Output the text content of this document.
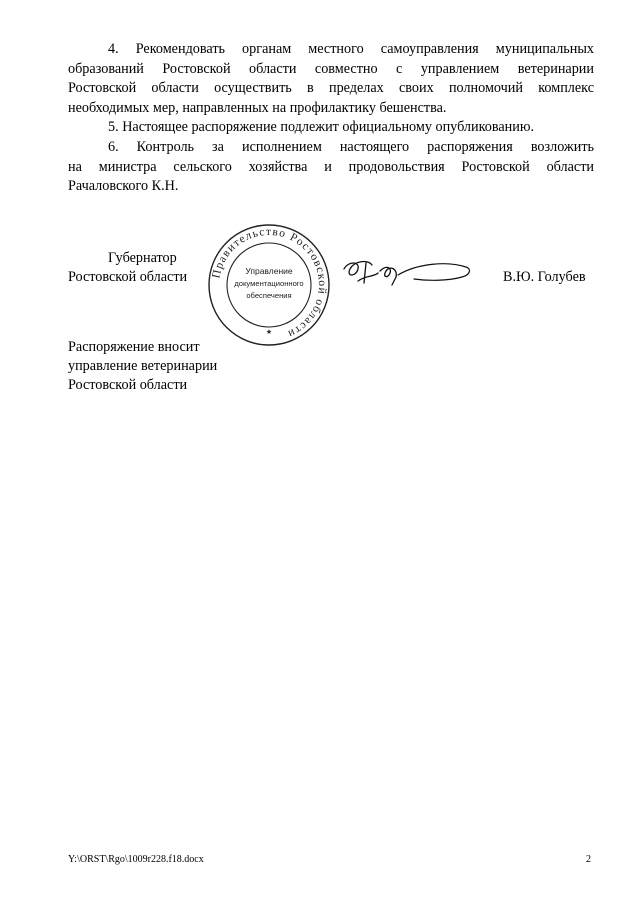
4. Рекомендовать органам местного самоуправления муниципальных
образований Ростовской области совместно с управлением ветеринарии
Ростовской области осуществить в пределах своих полномочий комплекс
необходимых мер, направленных на профилактику бешенства.
5. Настоящее распоряжение подлежит официальному опубликованию.
6. Контроль за исполнением настоящего распоряжения возложить
на министра сельского хозяйства и продовольствия Ростовской области
Рачаловского К.Н.
Губернатор
Ростовской области Правительство Ростовской области
Управление
документационного
обеспечения
★
В.Ю. Голубев
Распоряжение вносит
управление ветеринарии
Ростовской области
Y:\ORST\Rgo\1009r228.f18.docx	2
